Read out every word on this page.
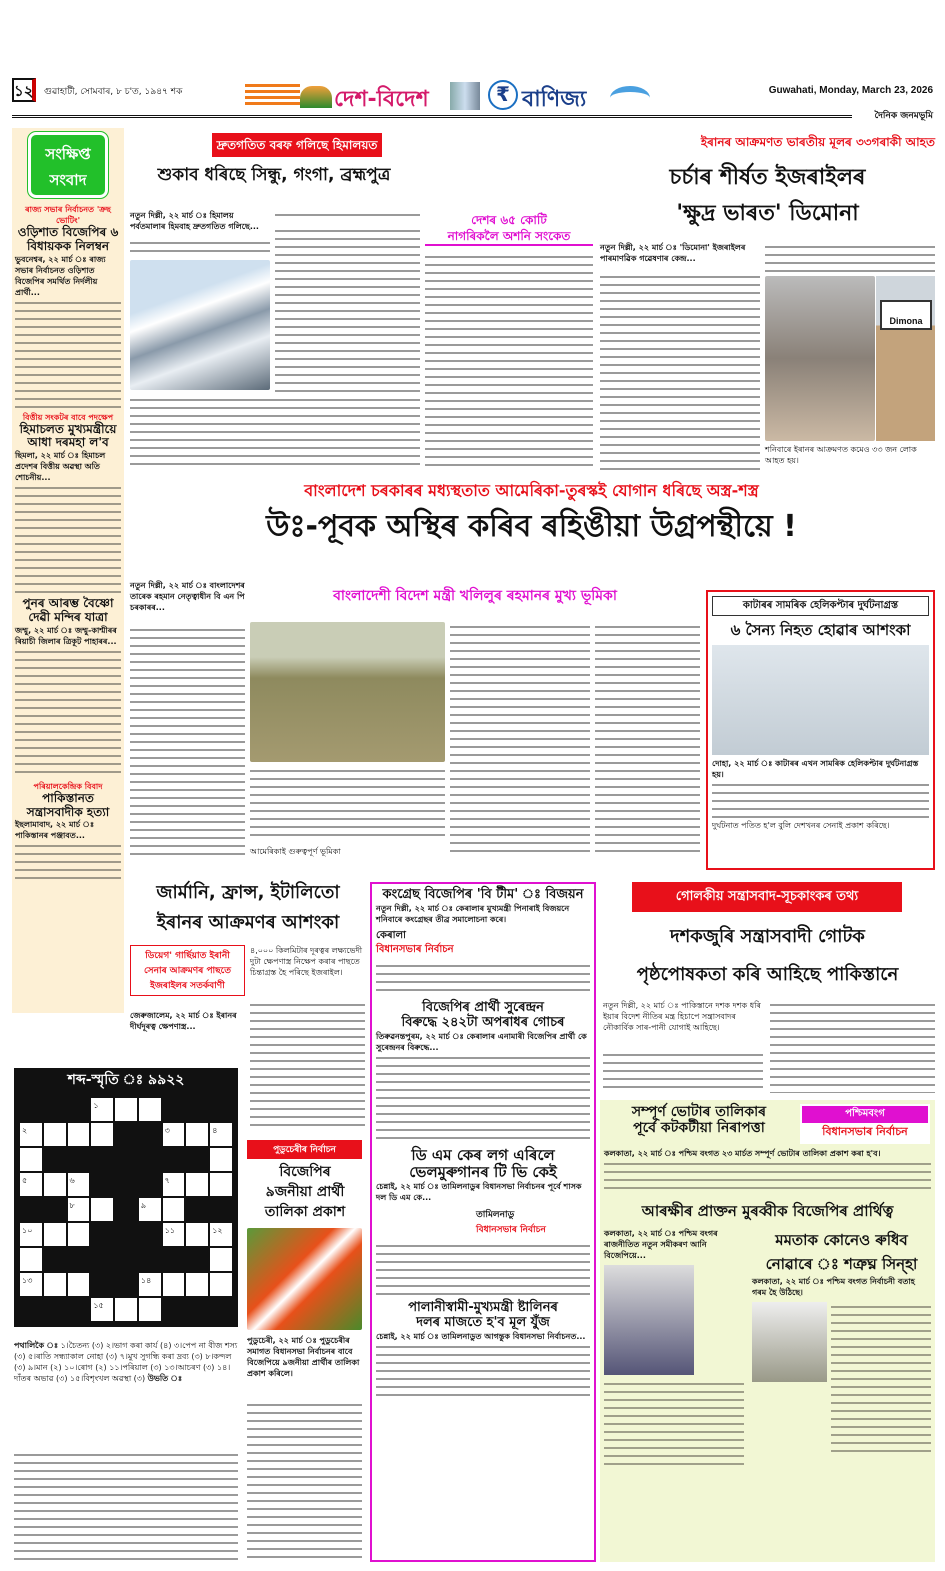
১২ গুৱাহাটী, সোমবাৰ, ৮ চ'ত, ১৯৪৭ শক	দেশ-বিদেশ	₹ বাণিজ্য	Guwahati, Monday, March 23, 2026
দৈনিক জনমভূমি
সংক্ষিপ্ত
সংবাদ
ৰাজ্য সভাৰ নিৰ্বাচনত 'ক্ৰছ ভোটিং'
ওড়িশাত বিজেপিৰ ৬ বিধায়কক নিলম্বন
ভুবনেশ্বৰ, ২২ মাৰ্চ ঃ ৰাজ্য সভাৰ নিৰ্বাচনত ওড়িশাত বিজেপিৰ সমৰ্থিত নিৰ্দলীয় প্ৰাৰ্থী...
বিত্তীয় সংকটৰ বাবে পদক্ষেপ
হিমাচলত মুখ্যমন্ত্ৰীয়ে আধা দৰমহা ল'ব
ছিমলা, ২২ মাৰ্চ ঃ হিমাচল প্ৰদেশৰ বিত্তীয় অৱস্থা অতি শোচনীয়...
পুনৰ আৰম্ভ বৈষ্ণো দেৱী মন্দিৰ যাত্ৰা
জম্মু, ২২ মাৰ্চ ঃ জম্মু-কাশ্মীৰৰ ৰিয়াচী জিলাৰ ত্ৰিকূট পাহাৰৰ...
পৰিয়ালকেন্দ্ৰিক বিবাদ
পাকিস্তানত সন্ত্ৰাসবাদীক হত্যা
ইছলামাবাদ, ২২ মাৰ্চ ঃ পাকিস্তানৰ পঞ্জাবত...
দ্ৰুতগতিত বৰফ গলিছে হিমালয়ত
শুকাব ধৰিছে সিন্ধু, গংগা, ব্ৰহ্মপুত্ৰ
নতুন দিল্লী, ২২ মাৰ্চ ঃ হিমালয় পৰ্বতমালাৰ হিমবাহ দ্ৰুতগতিত গলিছে...	দেশৰ ৬৫ কোটি
নাগৰিকলৈ অশনি সংকেত
ইৰানৰ আক্ৰমণত ভাৰতীয় মূলৰ ৩৩গৰাকী আহত
চৰ্চাৰ শীৰ্ষত ইজৰাইলৰ
'ক্ষুদ্ৰ ভাৰত' ডিমোনা
নতুন দিল্লী, ২২ মাৰ্চ ঃ 'ডিমোনা' ইজৰাইলৰ পাৰমাণৱিক গৱেষণাৰ কেন্দ্ৰ...
Dimona
শনিবাৰে ইৰানৰ আক্ৰমণত কমেও ৩৩ জন লোক আহত হয়।
বাংলাদেশ চৰকাৰৰ মধ্যস্থতাত আমেৰিকা-তুৰস্কই যোগান ধৰিছে অস্ত্ৰ-শস্ত্ৰ
উঃ-পূবক অস্থিৰ কৰিব ৰহিঙীয়া উগ্ৰপন্থীয়ে !
নতুন দিল্লী, ২২ মাৰ্চ ঃ বাংলাদেশৰ তাৰেক ৰহমান নেতৃত্বাধীন বি এন পি চৰকাৰৰ...
বাংলাদেশী বিদেশ মন্ত্ৰী খলিলুৰ ৰহমানৰ মুখ্য ভূমিকা
আমেৰিকাই গুৰুত্বপূৰ্ণ ভূমিকা
কাটাৰৰ সামৰিক হেলিকপ্টাৰ দুৰ্ঘটনাগ্ৰস্ত
৬ সৈন্য নিহত হোৱাৰ আশংকা
দোহা, ২২ মাৰ্চ ঃ কাটাৰৰ এখন সামৰিক হেলিকপ্টাৰ দুৰ্ঘটনাগ্ৰস্ত হয়।
দুৰ্ঘটনাত পতিত হ'ল বুলি দেশখনৰ সেনাই প্ৰকাশ কৰিছে।
জাৰ্মানি, ফ্ৰান্স, ইটালিতো
ইৰানৰ আক্ৰমণৰ আশংকা
ডিয়েগ' গাৰ্ছিয়াত ইৰানী সেনাৰ আক্ৰমণৰ পাছতে ইজৰাইলৰ সতৰ্কবাণী
জেৰুজালেম, ২২ মাৰ্চ ঃ ইৰানৰ দীৰ্ঘদূৰত্ব ক্ষেপণাস্ত্ৰ...
৪,০০০ কিলমিটাৰ দূৰত্বৰ লক্ষ্যভেদী দুটা ক্ষেপণাস্ত্ৰ নিক্ষেপ কৰাৰ পাছতে চিন্তাগ্ৰস্ত হৈ পৰিছে ইজৰাইল।
শব্দ-স্মৃতি ঃ ৯৯২২
১
২	৩	৪
৫	৬	৭
৮	৯
১০	১১	১২
১৩	১৪
১৫
পথালিকৈ ঃ ১।চৈতন্য (৩) ২।ভাগ কৰা কাৰ্য (৪) ৩।পেপ না বীজ শস্য (৩) ৫।ৰাতি সন্ধ্যাকাল নোহা (৩) ৭।মুখ সুগন্ধি কৰা দ্ৰব্য (৩) ৮।কন্দল (৩) ৯।মান (২) ১০।ৰোগ (২) ১১।পৰিয়াল (৩) ১৩।আচৰণ (৩) ১৪।দাঁতৰ অভাৱ (৩) ১৫।বিশৃংখল অৱস্থা (৩) উভতি ঃ
পুডুচেৰীৰ নিৰ্বাচন
বিজেপিৰ
৯জনীয়া প্ৰাৰ্থী
তালিকা প্ৰকাশ
পুডুচেৰী, ২২ মাৰ্চ ঃ পুডুচেৰীৰ সমাগত বিধানসভা নিৰ্বাচনৰ বাবে বিজেপিয়ে ৯জনীয়া প্ৰাৰ্থীৰ তালিকা প্ৰকাশ কৰিলে।
কংগ্ৰেছ বিজেপিৰ 'বি টীম' ঃ বিজয়ন
নতুন দিল্লী, ২২ মাৰ্চ ঃ কেৰালাৰ মুখ্যমন্ত্ৰী পিনাৰাই বিজয়নে শনিবাৰে কংগ্ৰেছৰ তীব্ৰ সমালোচনা কৰে।
কেৰালা
বিধানসভাৰ নিৰ্বাচন
বিজেপিৰ প্ৰাৰ্থী সুৰেন্দ্ৰন
বিৰুদ্ধে ২৪২টা অপৰাধৰ গোচৰ
তিৰুৱনন্তপুৰম, ২২ মাৰ্চ ঃ কেৰালাৰ এনামাৰী বিজেপিৰ প্ৰাৰ্থী কে সুৰেন্দ্ৰনৰ বিৰুদ্ধে...
ডি এম কেৰ লগ এৰিলে
ভেলমুৰুগানৰ টি ভি কেই
চেন্নাই, ২২ মাৰ্চ ঃ তামিলনাডুৰ বিধানসভা নিৰ্বাচনৰ পূৰ্বে শাসক দল ডি এম কে...
তামিলনাডু
বিধানসভাৰ নিৰ্বাচন
পালানীস্বামী-মুখ্যমন্ত্ৰী ষ্টালিনৰ
দলৰ মাজতে হ'ব মূল যুঁজ
চেন্নাই, ২২ মাৰ্চ ঃ তামিলনাডুত আগন্তুক বিধানসভা নিৰ্বাচনত...
গোলকীয় সন্ত্ৰাসবাদ-সূচকাংকৰ তথ্য
দশকজুৰি সন্ত্ৰাসবাদী গোটক
পৃষ্ঠপোষকতা কৰি আহিছে পাকিস্তানে
নতুন দিল্লী, ২২ মাৰ্চ ঃ পাকিস্তানে দশক দশক ধৰি ইয়াৰ বিদেশ নীতিৰ মন্ত্ৰ হিচাপে সন্ত্ৰাসবাদৰ নৌকাৰ্বিক সাৰ-পানী যোগাই আহিছে।
সম্পূৰ্ণ ভোটাৰ তালিকাৰ
পূৰ্বে কটকটীয়া নিৰাপত্তা
পশ্চিমবংগ
বিধানসভাৰ নিৰ্বাচন
কলকাতা, ২২ মাৰ্চ ঃ পশ্চিম বংগত ২৩ মাৰ্চত সম্পূৰ্ণ ভোটাৰ তালিকা প্ৰকাশ কৰা হ'ব।
আৰক্ষীৰ প্ৰাক্তন মুৰব্বীক বিজেপিৰ প্ৰাৰ্থিত্ব
কলকাতা, ২২ মাৰ্চ ঃ পশ্চিম বংগৰ ৰাজনীতিত নতুন সমীকৰণ আনি বিজেপিয়ে...
মমতাক কোনেও ৰুধিব
নোৱাৰে ঃ শত্ৰুঘ্ন সিন্হা
কলকাতা, ২২ মাৰ্চ ঃ পশ্চিম বংগত নিৰ্বাচনী বতাহ গৰম হৈ উঠিছে।
